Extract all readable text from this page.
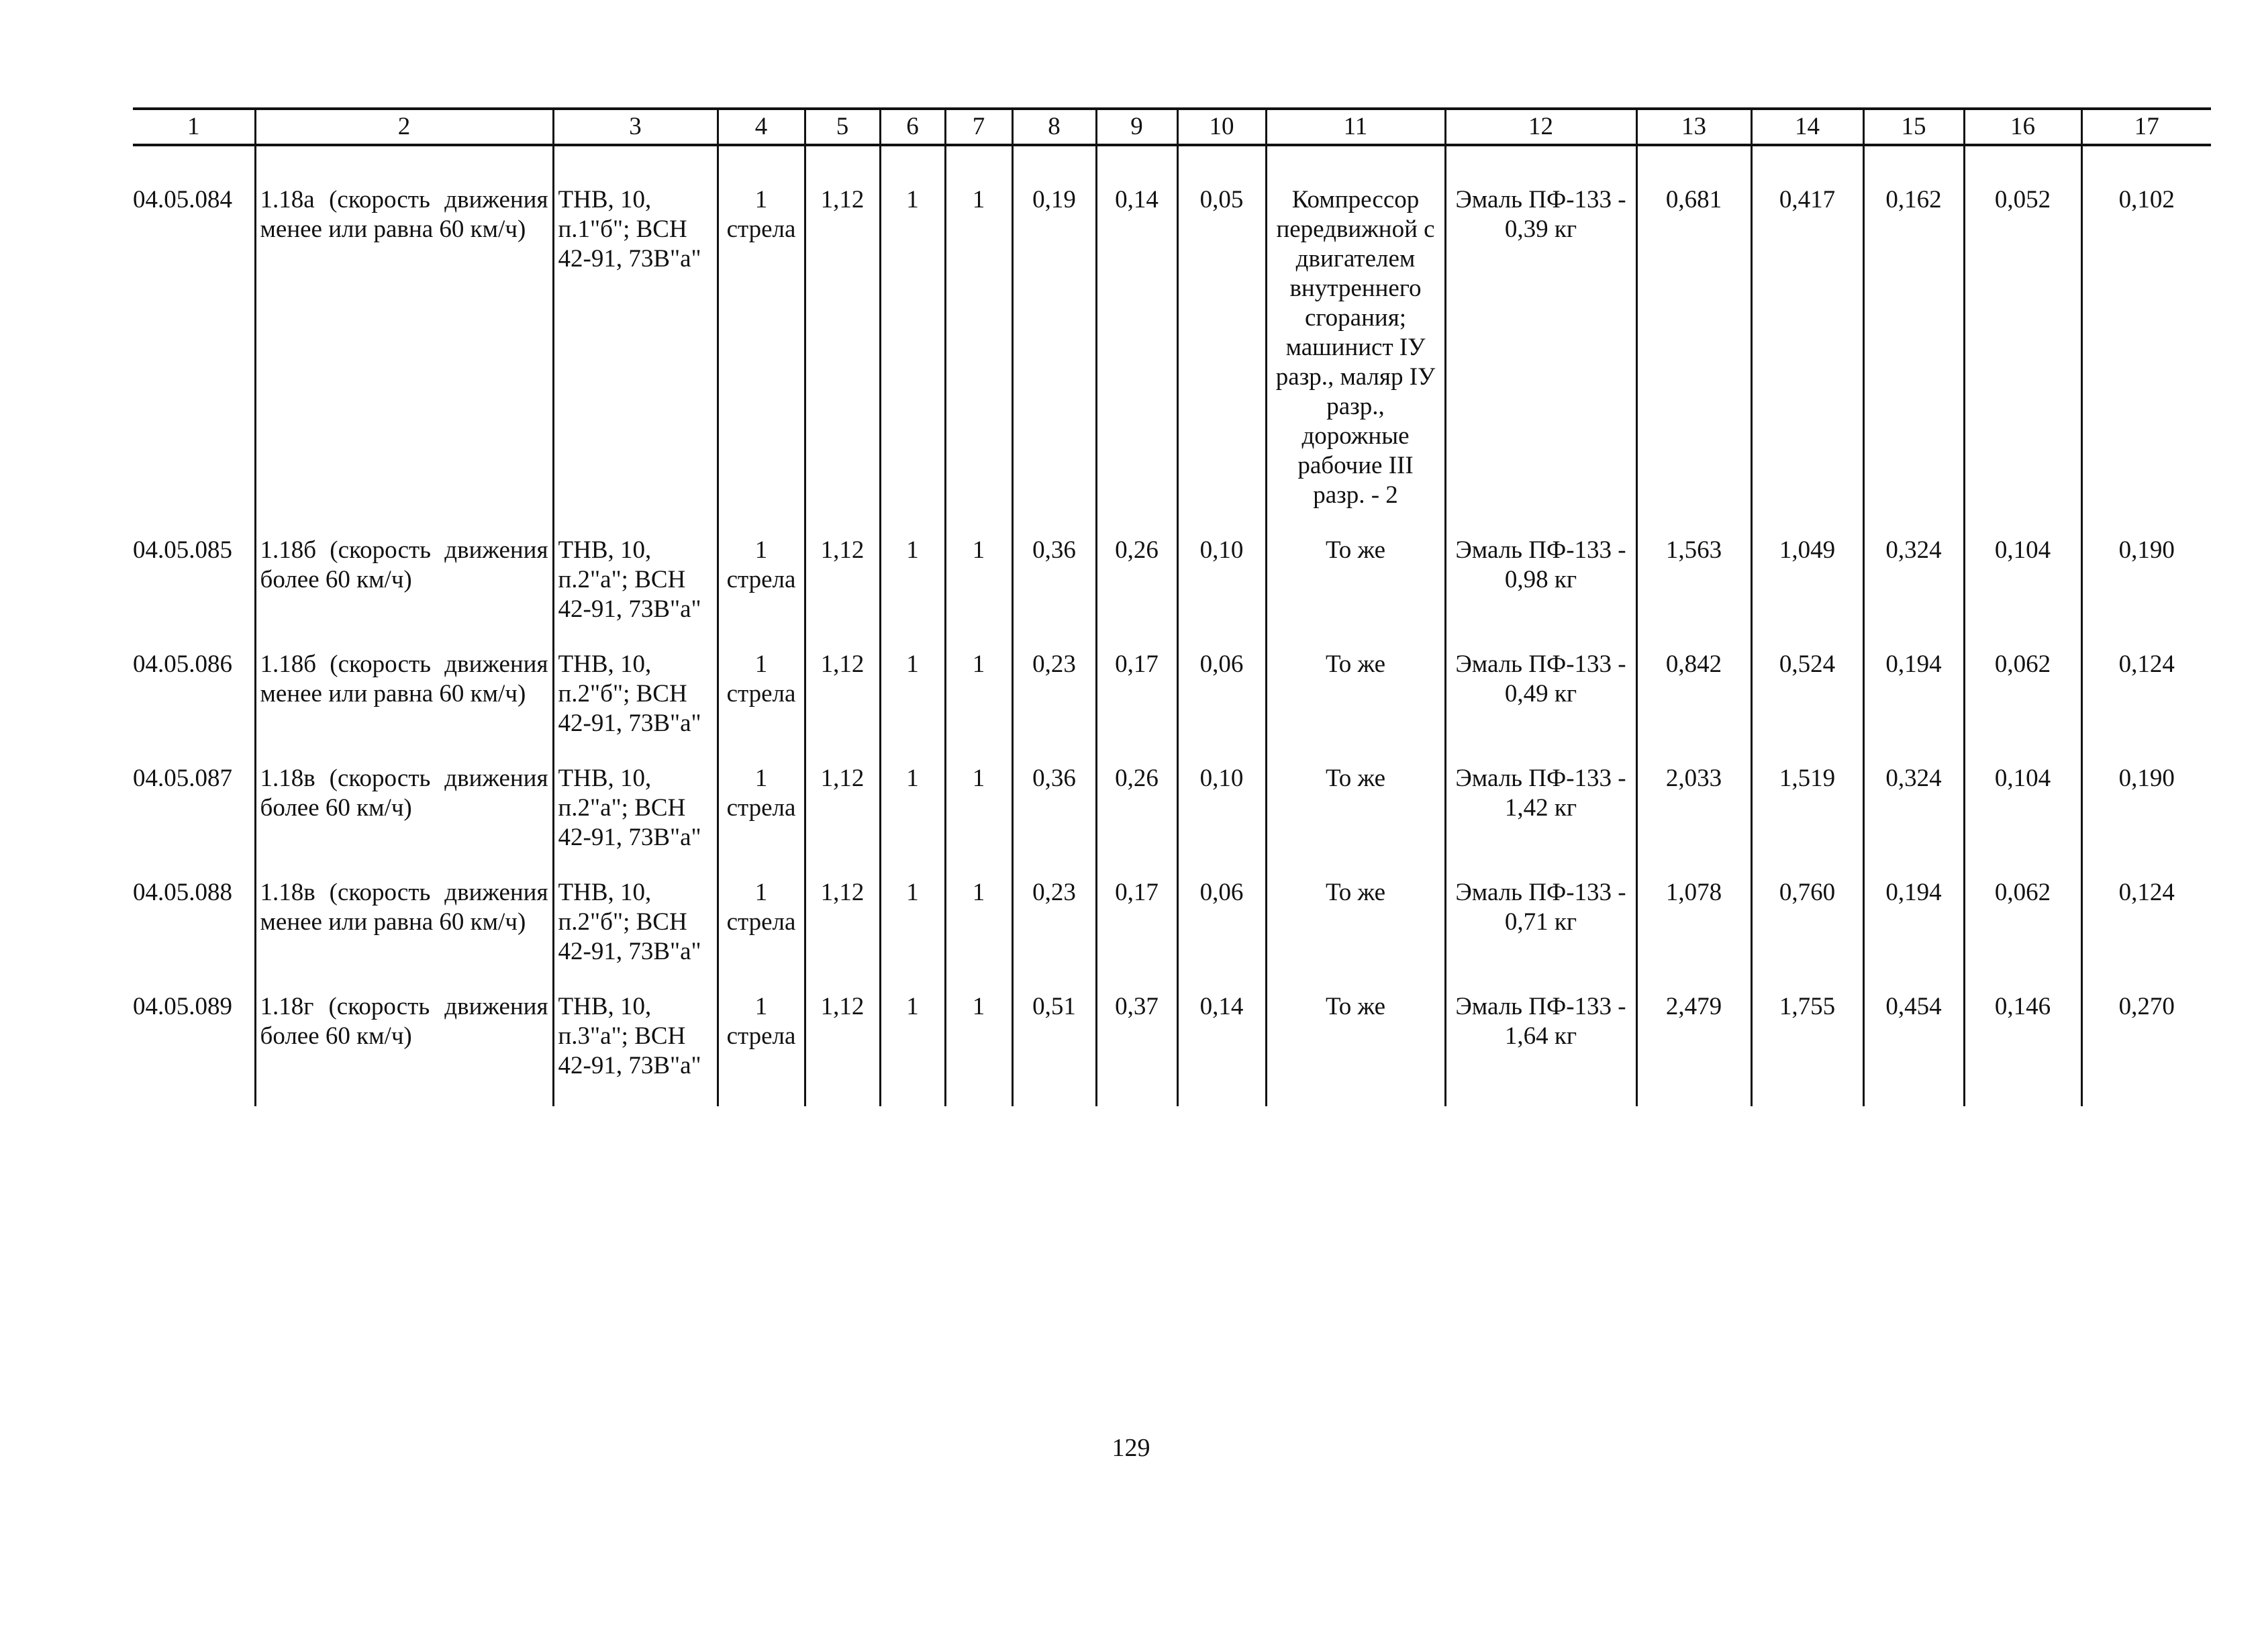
1	2	3	4	5	6	7	8	9	10	11	12	13	14	15	16	17
04.05.084	1.18а (скорость движения менее или равна 60 км/ч)	ТНВ, 10, п.1"б"; ВСН 42-91, 73В"а"	1 стрела	1,12	1	1	0,19	0,14	0,05	Компрессор передвижной с двигателем внутреннего сгорания; машинист IУ разр., маляр IУ разр., дорожные рабочие III разр. - 2	Эмаль ПФ-133 - 0,39 кг	0,681	0,417	0,162	0,052	0,102
04.05.085	1.18б (скорость движения более 60 км/ч)	ТНВ, 10, п.2"а"; ВСН 42-91, 73В"а"	1 стрела	1,12	1	1	0,36	0,26	0,10	То же	Эмаль ПФ-133 - 0,98 кг	1,563	1,049	0,324	0,104	0,190
04.05.086	1.18б (скорость движения менее или равна 60 км/ч)	ТНВ, 10, п.2"б"; ВСН 42-91, 73В"а"	1 стрела	1,12	1	1	0,23	0,17	0,06	То же	Эмаль ПФ-133 - 0,49 кг	0,842	0,524	0,194	0,062	0,124
04.05.087	1.18в (скорость движения более 60 км/ч)	ТНВ, 10, п.2"а"; ВСН 42-91, 73В"а"	1 стрела	1,12	1	1	0,36	0,26	0,10	То же	Эмаль ПФ-133 - 1,42 кг	2,033	1,519	0,324	0,104	0,190
04.05.088	1.18в (скорость движения менее или равна 60 км/ч)	ТНВ, 10, п.2"б"; ВСН 42-91, 73В"а"	1 стрела	1,12	1	1	0,23	0,17	0,06	То же	Эмаль ПФ-133 - 0,71 кг	1,078	0,760	0,194	0,062	0,124
04.05.089	1.18г (скорость движения более 60 км/ч)	ТНВ, 10, п.3"а"; ВСН 42-91, 73В"а"	1 стрела	1,12	1	1	0,51	0,37	0,14	То же	Эмаль ПФ-133 - 1,64 кг	2,479	1,755	0,454	0,146	0,270
129
